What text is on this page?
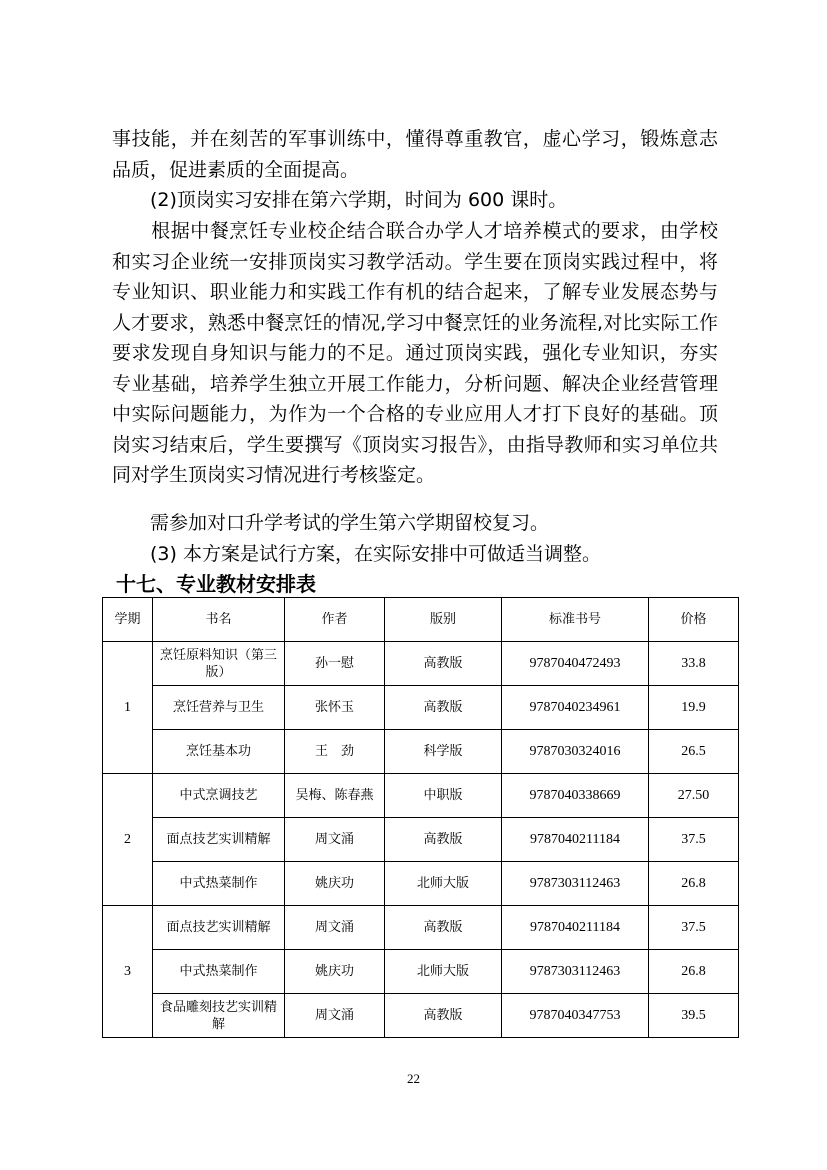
事技能，并在刻苦的军事训练中，懂得尊重教官，虚心学习，锻炼意志品质，促进素质的全面提高。

(2)顶岗实习安排在第六学期，时间为 600 课时。

　　根据中餐烹饪专业校企结合联合办学人才培养模式的要求，由学校和实习企业统一安排顶岗实习教学活动。学生要在顶岗实践过程中，将专业知识、职业能力和实践工作有机的结合起来，了解专业发展态势与人才要求，熟悉中餐烹饪的情况,学习中餐烹饪的业务流程,对比实际工作要求发现自身知识与能力的不足。通过顶岗实践，强化专业知识，夯实专业基础，培养学生独立开展工作能力，分析问题、解决企业经营管理中实际问题能力，为作为一个合格的专业应用人才打下良好的基础。顶岗实习结束后，学生要撰写《顶岗实习报告》，由指导教师和实习单位共同对学生顶岗实习情况进行考核鉴定。

需参加对口升学考试的学生第六学期留校复习。

(3) 本方案是试行方案，在实际安排中可做适当调整。

十七、专业教材安排表
学期	书名	作者	版别	标准书号	价格
1	烹饪原料知识（第三版）	孙一慰	高教版	9787040472493	33.8
	烹饪营养与卫生	张怀玉	高教版	9787040234961	19.9
	烹饪基本功	王　劲	科学版	9787030324016	26.5
2	中式烹调技艺	吴梅、陈春燕	中职版	9787040338669	27.50
	面点技艺实训精解	周文涌	高教版	9787040211184	37.5
	中式热菜制作	姚庆功	北师大版	9787303112463	26.8
3	面点技艺实训精解	周文涌	高教版	9787040211184	37.5
	中式热菜制作	姚庆功	北师大版	9787303112463	26.8
	食品雕刻技艺实训精解	周文涌	高教版	9787040347753	39.5
22
